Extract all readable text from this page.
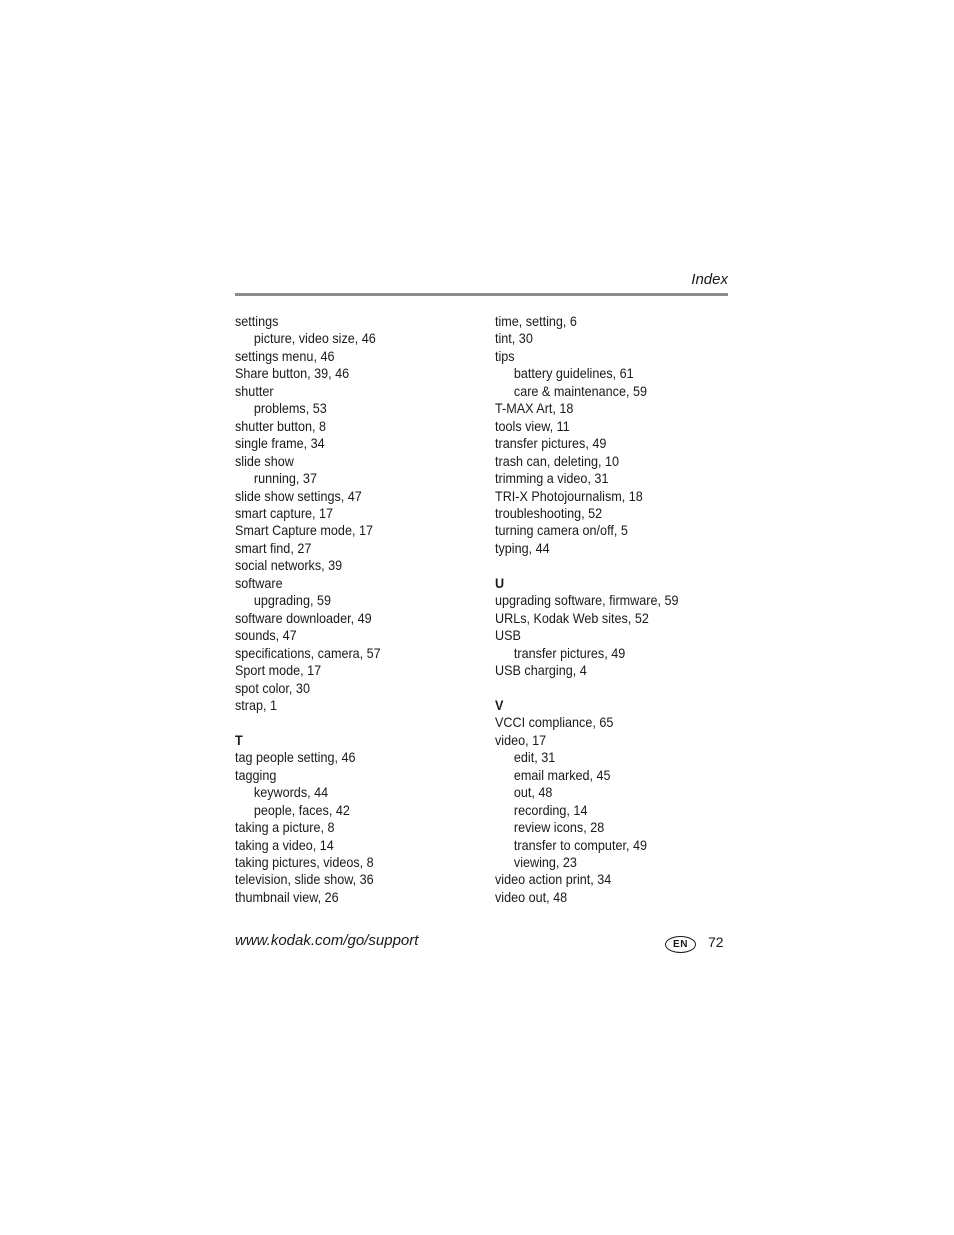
Index
settings
picture, video size, 46
settings menu, 46
Share button, 39, 46
shutter
problems, 53
shutter button, 8
single frame, 34
slide show
running, 37
slide show settings, 47
smart capture, 17
Smart Capture mode, 17
smart find, 27
social networks, 39
software
upgrading, 59
software downloader, 49
sounds, 47
specifications, camera, 57
Sport mode, 17
spot color, 30
strap, 1
T
tag people setting, 46
tagging
keywords, 44
people, faces, 42
taking a picture, 8
taking a video, 14
taking pictures, videos, 8
television, slide show, 36
thumbnail view, 26
time, setting, 6
tint, 30
tips
battery guidelines, 61
care & maintenance, 59
T-MAX Art, 18
tools view, 11
transfer pictures, 49
trash can, deleting, 10
trimming a video, 31
TRI-X Photojournalism, 18
troubleshooting, 52
turning camera on/off, 5
typing, 44
U
upgrading software, firmware, 59
URLs, Kodak Web sites, 52
USB
transfer pictures, 49
USB charging, 4
V
VCCI compliance, 65
video, 17
edit, 31
email marked, 45
out, 48
recording, 14
review icons, 28
transfer to computer, 49
viewing, 23
video action print, 34
video out, 48
www.kodak.com/go/support	EN	72
